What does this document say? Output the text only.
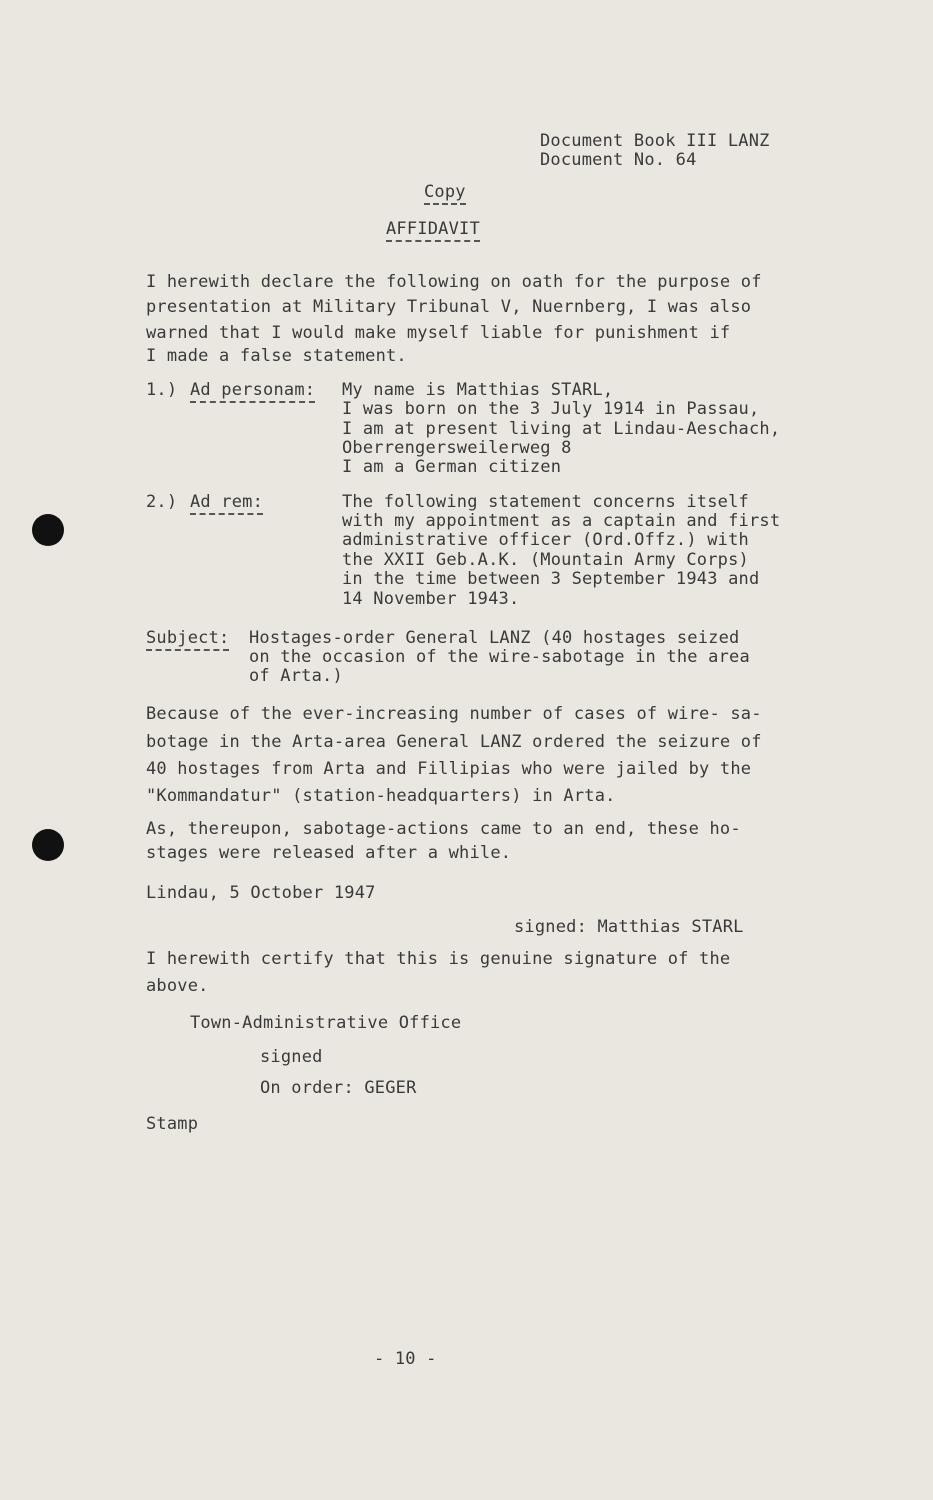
Document Book III LANZ
Document No. 64
Copy
AFFIDAVIT
I herewith declare the following on oath for the purpose of
presentation at Military Tribunal V, Nuernberg, I was also
warned that I would make myself liable for punishment if
I made a false statement.
1.) Ad personam: My name is Matthias STARL,
I was born on the 3 July 1914 in Passau,
I am at present living at Lindau-Aeschach,
Oberrengersweilerweg 8
I am a German citizen
2.) Ad rem:	The following statement concerns itself
with my appointment as a captain and first
administrative officer (Ord.Offz.) with
the XXII Geb.A.K. (Mountain Army Corps)
in the time between 3 September 1943 and
14 November 1943.
Subject: Hostages-order General LANZ (40 hostages seized
on the occasion of the wire-sabotage in the area
of Arta.)
Because of the ever-increasing number of cases of wire- sa-
botage in the Arta-area General LANZ ordered the seizure of
40 hostages from Arta and Fillipias who were jailed by the
"Kommandatur" (station-headquarters) in Arta.
As, thereupon, sabotage-actions came to an end, these ho-
stages were released after a while.
Lindau, 5 October 1947
signed: Matthias STARL
I herewith certify that this is genuine signature of the
above.
Town-Administrative Office
signed
On order: GEGER
Stamp
- 10 -
